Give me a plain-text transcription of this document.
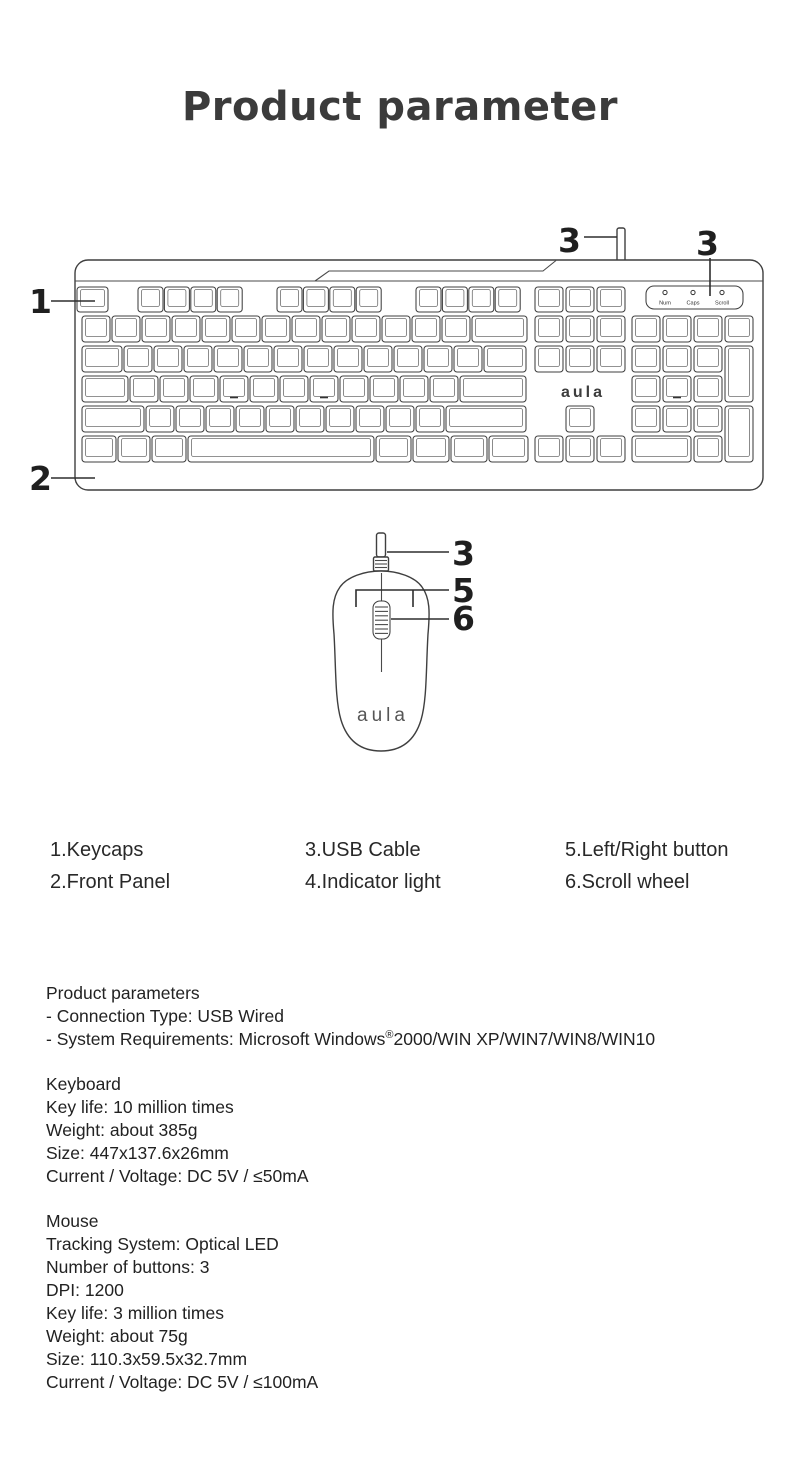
Product parameter
Num	Caps	Scroll
aula
1
2
3	3
aula
3
5
6
1.Keycaps
2.Front Panel
3.USB Cable
4.Indicator light
5.Left/Right button
6.Scroll wheel
Product parameters
- Connection Type: USB Wired
- System Requirements: Microsoft Windows®2000/WIN XP/WIN7/WIN8/WIN10
Keyboard
Key life: 10 million times
Weight: about 385g
Size: 447x137.6x26mm
Current / Voltage: DC 5V / ≤50mA
Mouse
Tracking System: Optical LED
Number of buttons: 3
DPI: 1200
Key life: 3 million times
Weight: about 75g
Size: 110.3x59.5x32.7mm
Current / Voltage: DC 5V / ≤100mA
